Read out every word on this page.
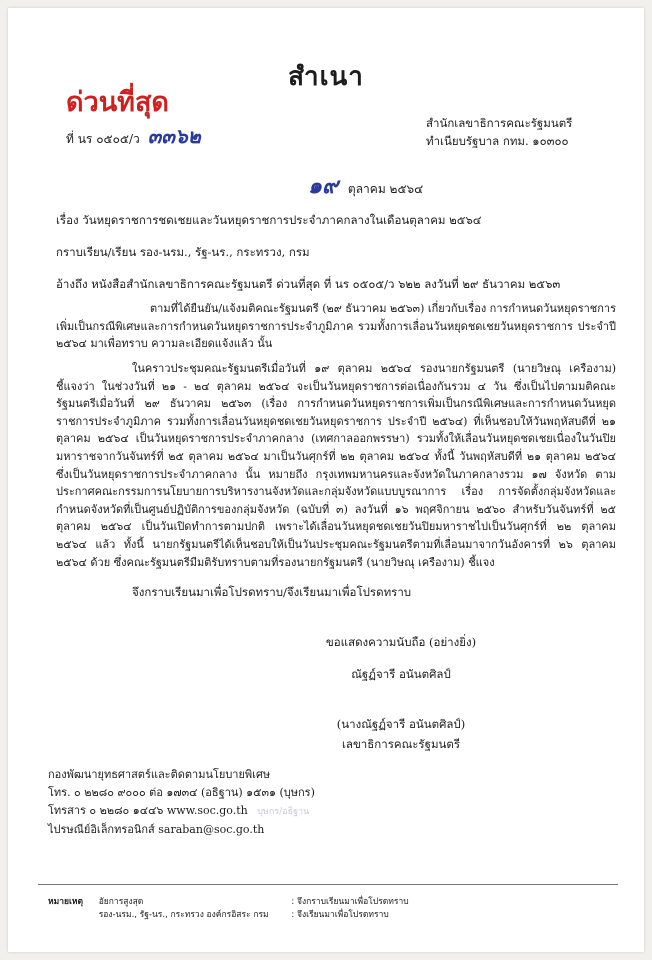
สำเนา
ด่วนที่สุด
ที่ นร ๐๕๐๕/ว ๓๓๖๒
สำนักเลขาธิการคณะรัฐมนตรี
ทำเนียบรัฐบาล กทม. ๑๐๓๐๐
๑๙ ตุลาคม ๒๕๖๔
เรื่อง วันหยุดราชการชดเชยและวันหยุดราชการประจำภาคกลางในเดือนตุลาคม ๒๕๖๔
กราบเรียน/เรียน รอง-นรม., รัฐ-นร., กระทรวง, กรม
อ้างถึง หนังสือสำนักเลขาธิการคณะรัฐมนตรี ด่วนที่สุด ที่ นร ๐๕๐๕/ว ๖๒๒ ลงวันที่ ๒๙ ธันวาคม ๒๕๖๓

ตามที่ได้ยืนยัน/แจ้งมติคณะรัฐมนตรี (๒๙ ธันวาคม ๒๕๖๓) เกี่ยวกับเรื่อง การกำหนดวันหยุดราชการเพิ่มเป็นกรณีพิเศษและการกำหนดวันหยุดราชการประจำภูมิภาค รวมทั้งการเลื่อนวันหยุดชดเชยวันหยุดราชการ ประจำปี ๒๕๖๔ มาเพื่อทราบ ความละเอียดแจ้งแล้ว นั้น

ในคราวประชุมคณะรัฐมนตรีเมื่อวันที่ ๑๙ ตุลาคม ๒๕๖๔ รองนายกรัฐมนตรี (นายวิษณุ เครืองาม) ชี้แจงว่า ในช่วงวันที่ ๒๑ - ๒๔ ตุลาคม ๒๕๖๔ จะเป็นวันหยุดราชการต่อเนื่องกันรวม ๔ วัน ซึ่งเป็นไปตามมติคณะรัฐมนตรีเมื่อวันที่ ๒๙ ธันวาคม ๒๕๖๓ (เรื่อง การกำหนดวันหยุดราชการเพิ่มเป็นกรณีพิเศษและการกำหนดวันหยุดราชการประจำภูมิภาค รวมทั้งการเลื่อนวันหยุดชดเชยวันหยุดราชการ ประจำปี ๒๕๖๔) ที่เห็นชอบให้วันพฤหัสบดีที่ ๒๑ ตุลาคม ๒๕๖๔ เป็นวันหยุดราชการประจำภาคกลาง (เทศกาลออกพรรษา) รวมทั้งให้เลื่อนวันหยุดชดเชยเนื่องในวันปิยมหาราชจากวันจันทร์ที่ ๒๕ ตุลาคม ๒๕๖๔ มาเป็นวันศุกร์ที่ ๒๒ ตุลาคม ๒๕๖๔ ทั้งนี้ วันพฤหัสบดีที่ ๒๑ ตุลาคม ๒๕๖๔ ซึ่งเป็นวันหยุดราชการประจำภาคกลาง นั้น หมายถึง กรุงเทพมหานครและจังหวัดในภาคกลางรวม ๑๗ จังหวัด ตามประกาศคณะกรรมการนโยบายการบริหารงานจังหวัดและกลุ่มจังหวัดแบบบูรณาการ เรื่อง การจัดตั้งกลุ่มจังหวัดและกำหนดจังหวัดที่เป็นศูนย์ปฏิบัติการของกลุ่มจังหวัด (ฉบับที่ ๓) ลงวันที่ ๑๖ พฤศจิกายน ๒๕๖๐ สำหรับวันจันทร์ที่ ๒๕ ตุลาคม ๒๕๖๔ เป็นวันเปิดทำการตามปกติ เพราะได้เลื่อนวันหยุดชดเชยวันปิยมหาราชไปเป็นวันศุกร์ที่ ๒๒ ตุลาคม ๒๕๖๔ แล้ว ทั้งนี้ นายกรัฐมนตรีได้เห็นชอบให้เป็นวันประชุมคณะรัฐมนตรีตามที่เลื่อนมาจากวันอังคารที่ ๒๖ ตุลาคม ๒๕๖๔ ด้วย ซึ่งคณะรัฐมนตรีมีมติรับทราบตามที่รองนายกรัฐมนตรี (นายวิษณุ เครืองาม) ชี้แจง

จึงกราบเรียนมาเพื่อโปรดทราบ/จึงเรียนมาเพื่อโปรดทราบ
ขอแสดงความนับถือ (อย่างยิ่ง)
ณัฐฏ์จารี อนันตศิลป์
(นางณัฐฏ์จารี อนันตศิลป์)
เลขาธิการคณะรัฐมนตรี
กองพัฒนายุทธศาสตร์และติดตามนโยบายพิเศษ
โทร. ๐ ๒๒๘๐ ๙๐๐๐ ต่อ ๑๗๓๔ (อธิฐาน) ๑๕๓๑ (บุษกร)
โทรสาร ๐ ๒๒๘๐ ๑๔๔๖ www.soc.go.th บุษกร/อธิฐาน
ไปรษณีย์อิเล็กทรอนิกส์ saraban@soc.go.th
หมายเหตุ อัยการสูงสุด	: จึงกราบเรียนมาเพื่อโปรดทราบ
รอง-นรม., รัฐ-นร., กระทรวง องค์กรอิสระ กรม	: จึงเรียนมาเพื่อโปรดทราบ
